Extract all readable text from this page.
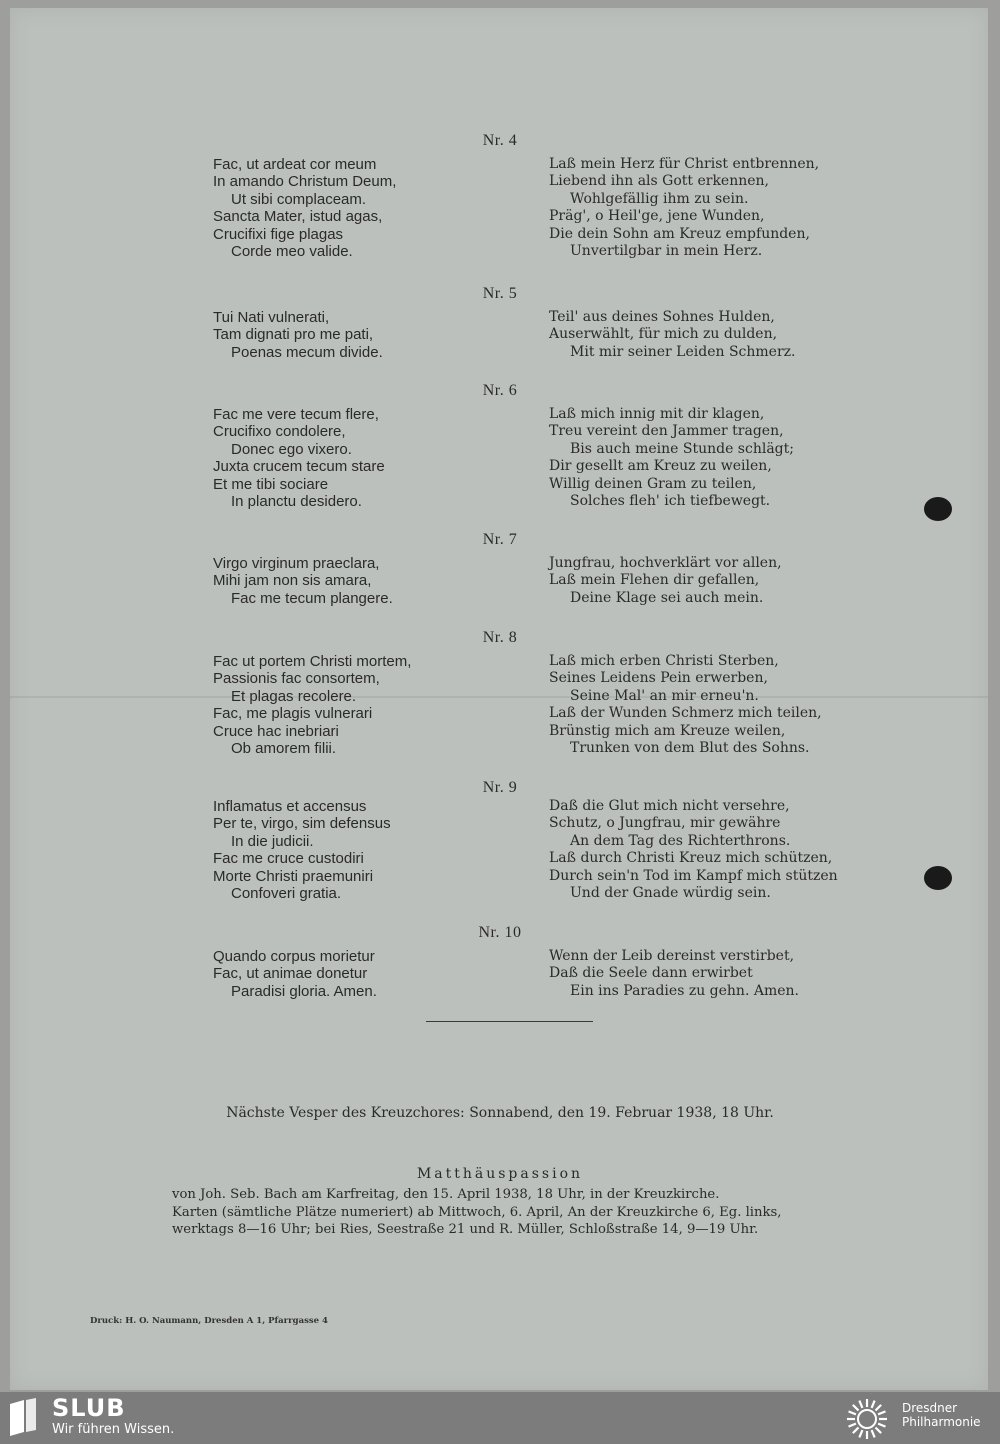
Nr. 4
Fac, ut ardeat cor meum
In amando Christum Deum,
Ut sibi complaceam.
Sancta Mater, istud agas,
Crucifixi fige plagas
Corde meo valide.
Laß mein Herz für Christ entbrennen,
Liebend ihn als Gott erkennen,
Wohlgefällig ihm zu sein.
Präg', o Heil'ge, jene Wunden,
Die dein Sohn am Kreuz empfunden,
Unvertilgbar in mein Herz.
Nr. 5
Tui Nati vulnerati,
Tam dignati pro me pati,
Poenas mecum divide.
Teil' aus deines Sohnes Hulden,
Auserwählt, für mich zu dulden,
Mit mir seiner Leiden Schmerz.
Nr. 6
Fac me vere tecum flere,
Crucifixo condolere,
Donec ego vixero.
Juxta crucem tecum stare
Et me tibi sociare
In planctu desidero.
Laß mich innig mit dir klagen,
Treu vereint den Jammer tragen,
Bis auch meine Stunde schlägt;
Dir gesellt am Kreuz zu weilen,
Willig deinen Gram zu teilen,
Solches fleh' ich tiefbewegt.
Nr. 7
Virgo virginum praeclara,
Mihi jam non sis amara,
Fac me tecum plangere.
Jungfrau, hochverklärt vor allen,
Laß mein Flehen dir gefallen,
Deine Klage sei auch mein.
Nr. 8
Fac ut portem Christi mortem,
Passionis fac consortem,
Et plagas recolere.
Fac, me plagis vulnerari
Cruce hac inebriari
Ob amorem filii.
Laß mich erben Christi Sterben,
Seines Leidens Pein erwerben,
Seine Mal' an mir erneu'n.
Laß der Wunden Schmerz mich teilen,
Brünstig mich am Kreuze weilen,
Trunken von dem Blut des Sohns.
Nr. 9
Inflamatus et accensus
Per te, virgo, sim defensus
In die judicii.
Fac me cruce custodiri
Morte Christi praemuniri
Confoveri gratia.
Daß die Glut mich nicht versehre,
Schutz, o Jungfrau, mir gewähre
An dem Tag des Richterthrons.
Laß durch Christi Kreuz mich schützen,
Durch sein'n Tod im Kampf mich stützen
Und der Gnade würdig sein.
Nr. 10
Quando corpus morietur
Fac, ut animae donetur
Paradisi gloria. Amen.
Wenn der Leib dereinst verstirbet,
Daß die Seele dann erwirbet
Ein ins Paradies zu gehn. Amen.
Nächste Vesper des Kreuzchores: Sonnabend, den 19. Februar 1938, 18 Uhr.
Matthäuspassion
von Joh. Seb. Bach am Karfreitag, den 15. April 1938, 18 Uhr, in der Kreuzkirche.
Karten (sämtliche Plätze numeriert) ab Mittwoch, 6. April, An der Kreuzkirche 6, Eg. links,
werktags 8—16 Uhr; bei Ries, Seestraße 21 und R. Müller, Schloßstraße 14, 9—19 Uhr.
Druck: H. O. Naumann, Dresden A 1, Pfarrgasse 4
SLUB
Wir führen Wissen.
Dresdner
Philharmonie
